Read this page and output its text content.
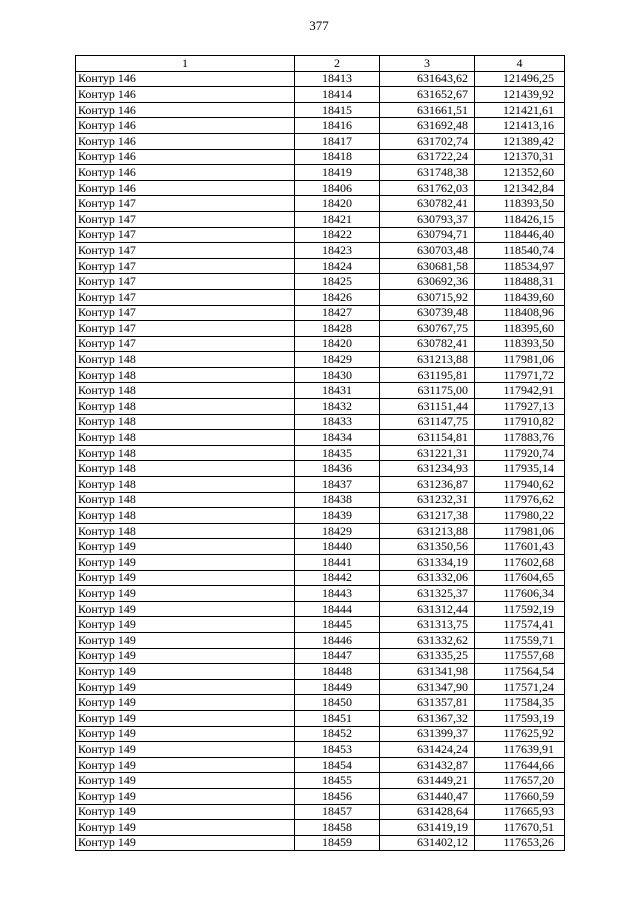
377
1	2	3	4
Контур 146	18413	631643,62	121496,25
Контур 146	18414	631652,67	121439,92
Контур 146	18415	631661,51	121421,61
Контур 146	18416	631692,48	121413,16
Контур 146	18417	631702,74	121389,42
Контур 146	18418	631722,24	121370,31
Контур 146	18419	631748,38	121352,60
Контур 146	18406	631762,03	121342,84
Контур 147	18420	630782,41	118393,50
Контур 147	18421	630793,37	118426,15
Контур 147	18422	630794,71	118446,40
Контур 147	18423	630703,48	118540,74
Контур 147	18424	630681,58	118534,97
Контур 147	18425	630692,36	118488,31
Контур 147	18426	630715,92	118439,60
Контур 147	18427	630739,48	118408,96
Контур 147	18428	630767,75	118395,60
Контур 147	18420	630782,41	118393,50
Контур 148	18429	631213,88	117981,06
Контур 148	18430	631195,81	117971,72
Контур 148	18431	631175,00	117942,91
Контур 148	18432	631151,44	117927,13
Контур 148	18433	631147,75	117910,82
Контур 148	18434	631154,81	117883,76
Контур 148	18435	631221,31	117920,74
Контур 148	18436	631234,93	117935,14
Контур 148	18437	631236,87	117940,62
Контур 148	18438	631232,31	117976,62
Контур 148	18439	631217,38	117980,22
Контур 148	18429	631213,88	117981,06
Контур 149	18440	631350,56	117601,43
Контур 149	18441	631334,19	117602,68
Контур 149	18442	631332,06	117604,65
Контур 149	18443	631325,37	117606,34
Контур 149	18444	631312,44	117592,19
Контур 149	18445	631313,75	117574,41
Контур 149	18446	631332,62	117559,71
Контур 149	18447	631335,25	117557,68
Контур 149	18448	631341,98	117564,54
Контур 149	18449	631347,90	117571,24
Контур 149	18450	631357,81	117584,35
Контур 149	18451	631367,32	117593,19
Контур 149	18452	631399,37	117625,92
Контур 149	18453	631424,24	117639,91
Контур 149	18454	631432,87	117644,66
Контур 149	18455	631449,21	117657,20
Контур 149	18456	631440,47	117660,59
Контур 149	18457	631428,64	117665,93
Контур 149	18458	631419,19	117670,51
Контур 149	18459	631402,12	117653,26
